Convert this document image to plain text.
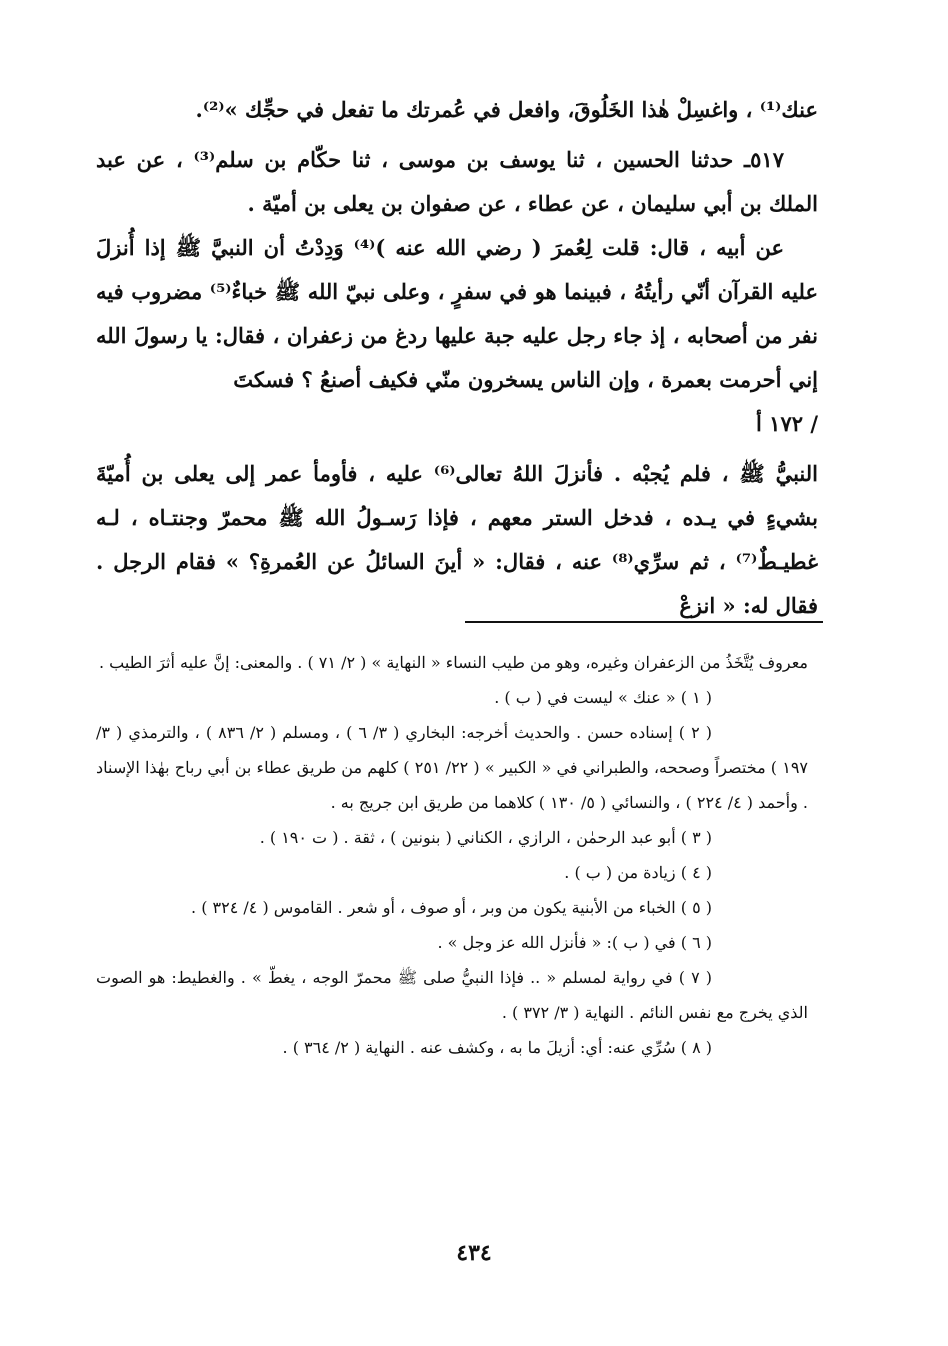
عنك⁽¹⁾ ، واغسِلْ هٰذا الخَلُوقَ، وافعل في عُمرتك ما تفعل في حجِّك »⁽²⁾.

٥١٧ـ حدثنا الحسين ، ثنا يوسف بن موسى ، ثنا حكّام بن سلم⁽³⁾ ، عن عبد الملك بن أبي سليمان ، عن عطاء ، عن صفوان بن يعلى بن أميّة .

عن أبيه ، قال: قلت لِعُمرَ ( رضي الله عنه )⁽⁴⁾ وَدِدْتُ أن النبيَّ ﷺ إذا أُنزلَ عليه القرآن أنّي رأيتُهُ ، فبينما هو في سفرٍ ، وعلى نبيّ الله ﷺ خباءٌ⁽⁵⁾ مضروب فيه نفر من أصحابه ، إذ جاء رجل عليه جبة عليها ردغ من زعفران ، فقال: يا رسولَ الله إني أحرمت بعمرة ، وإن الناس يسخرون منّي فكيف أصنعُ ؟ فسكتَ

/ ١٧٢ أ

النبيُّ ﷺ ، فلم يُجبْه . فأنزلَ اللهُ تعالى⁽⁶⁾ عليه ، فأومأ عمر إلى يعلى بن أُميّةَ بشيءٍ في يـده ، فدخل الستر معهم ، فإذا رَسـولُ الله ﷺ محمرّ وجنتـاه ، لـه غطيـطٌ⁽⁷⁾ ، ثم سرِّي⁽⁸⁾ عنه ، فقال: « أينَ السائلُ عن العُمرةِ؟ » فقام الرجل . فقال له: « انزعْ

معروف يُتَّخَذُ من الزعفران وغيره، وهو من طيب النساء « النهاية » ( ٢/ ٧١ ) . والمعنى: إنَّ عليه أثرَ الطيب .

( ١ ) « عنك » ليست في ( ب ) .

( ٢ ) إسناده حسن . والحديث أخرجه: البخاري ( ٣/ ٦ ) ، ومسلم ( ٢/ ٨٣٦ ) ، والترمذي ( ٣/ ١٩٧ ) مختصراً وصححه، والطبراني في « الكبير » ( ٢٢/ ٢٥١ ) كلهم من طريق عطاء بن أبي رباح بهٰذا الإسناد . وأحمد ( ٤/ ٢٢٤ ) ، والنسائي ( ٥/ ١٣٠ ) كلاهما من طريق ابن جريج به .

( ٣ ) أبو عبد الرحمٰن ، الرازي ، الكناني ( بنونين ) ، ثقة . ( ت ١٩٠ ) .

( ٤ ) زيادة من ( ب ) .

( ٥ ) الخباء من الأبنية يكون من وبر ، أو صوف ، أو شعر . القاموس ( ٤/ ٣٢٤ ) .

( ٦ ) في ( ب ): « فأنزل الله عز وجل » .

( ٧ ) في رواية لمسلم « .. فإذا النبيُّ صلى ﷺ محمرّ الوجه ، يغطّ » . والغطيط: هو الصوت الذي يخرج مع نفس النائم . النهاية ( ٣/ ٣٧٢ ) .

( ٨ ) سُرِّي عنه: أي: أزيلَ ما به ، وكشف عنه . النهاية ( ٢/ ٣٦٤ ) .

٤٣٤
